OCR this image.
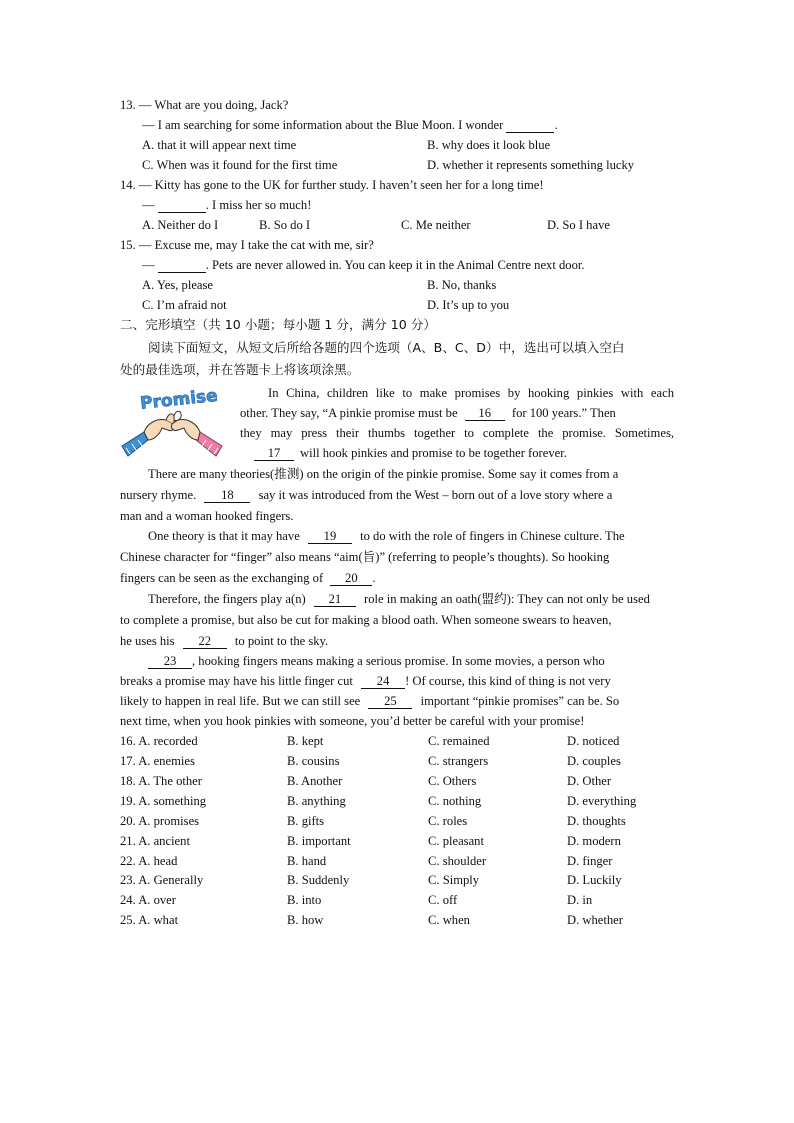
13. — What are you doing, Jack?
— I am searching for some information about the Blue Moon. I wonder	.
A. that it will appear next time	B. why does it look blue
C. When was it found for the first time	D. whether it represents something lucky
14. — Kitty has gone to the UK for further study. I haven’t seen her for a long time!
—	. I miss her so much!
A. Neither do I	B. So do I	C. Me neither	D. So I have
15. — Excuse me, may I take the cat with me, sir?
—	. Pets are never allowed in. You can keep it in the Animal Centre next door.
A. Yes, please	B. No, thanks
C. I’m afraid not	D. It’s up to you
二、完形填空（共 10 小题；每小题 1 分，满分 10 分）
阅读下面短文，从短文后所给各题的四个选项（A、B、C、D）中，选出可以填入空白
处的最佳选项，并在答题卡上将该项涂黑。
Promise	In China, children like to make promises by hooking pinkies with each
other. They say, “A pinkie promise must be 16 for 100 years.” Then
they may press their thumbs together to complete the promise. Sometimes,
17 will hook pinkies and promise to be together forever.
There are many theories(推测) on the origin of the pinkie promise. Some say it comes from a
nursery rhyme. 18 say it was introduced from the West – born out of a love story where a
man and a woman hooked fingers.
One theory is that it may have 19 to do with the role of fingers in Chinese culture. The
Chinese character for “finger” also means “aim(旨)” (referring to people’s thoughts). So hooking
fingers can be seen as the exchanging of 20 .
Therefore, the fingers play a(n) 21 role in making an oath(盟约): They can not only be used
to complete a promise, but also be cut for making a blood oath. When someone swears to heaven,
he uses his 22 to point to the sky.
23 , hooking fingers means making a serious promise. In some movies, a person who
breaks a promise may have his little finger cut 24 ! Of course, this kind of thing is not very
likely to happen in real life. But we can still see 25 important “pinkie promises” can be. So
next time, when you hook pinkies with someone, you’d better be careful with your promise!
16. A. recorded	B. kept	C. remained	D. noticed
17. A. enemies	B. cousins	C. strangers	D. couples
18. A. The other	B. Another	C. Others	D. Other
19. A. something	B. anything	C. nothing	D. everything
20. A. promises	B. gifts	C. roles	D. thoughts
21. A. ancient	B. important	C. pleasant	D. modern
22. A. head	B. hand	C. shoulder	D. finger
23. A. Generally	B. Suddenly	C. Simply	D. Luckily
24. A. over	B. into	C. off	D. in
25. A. what	B. how	C. when	D. whether
